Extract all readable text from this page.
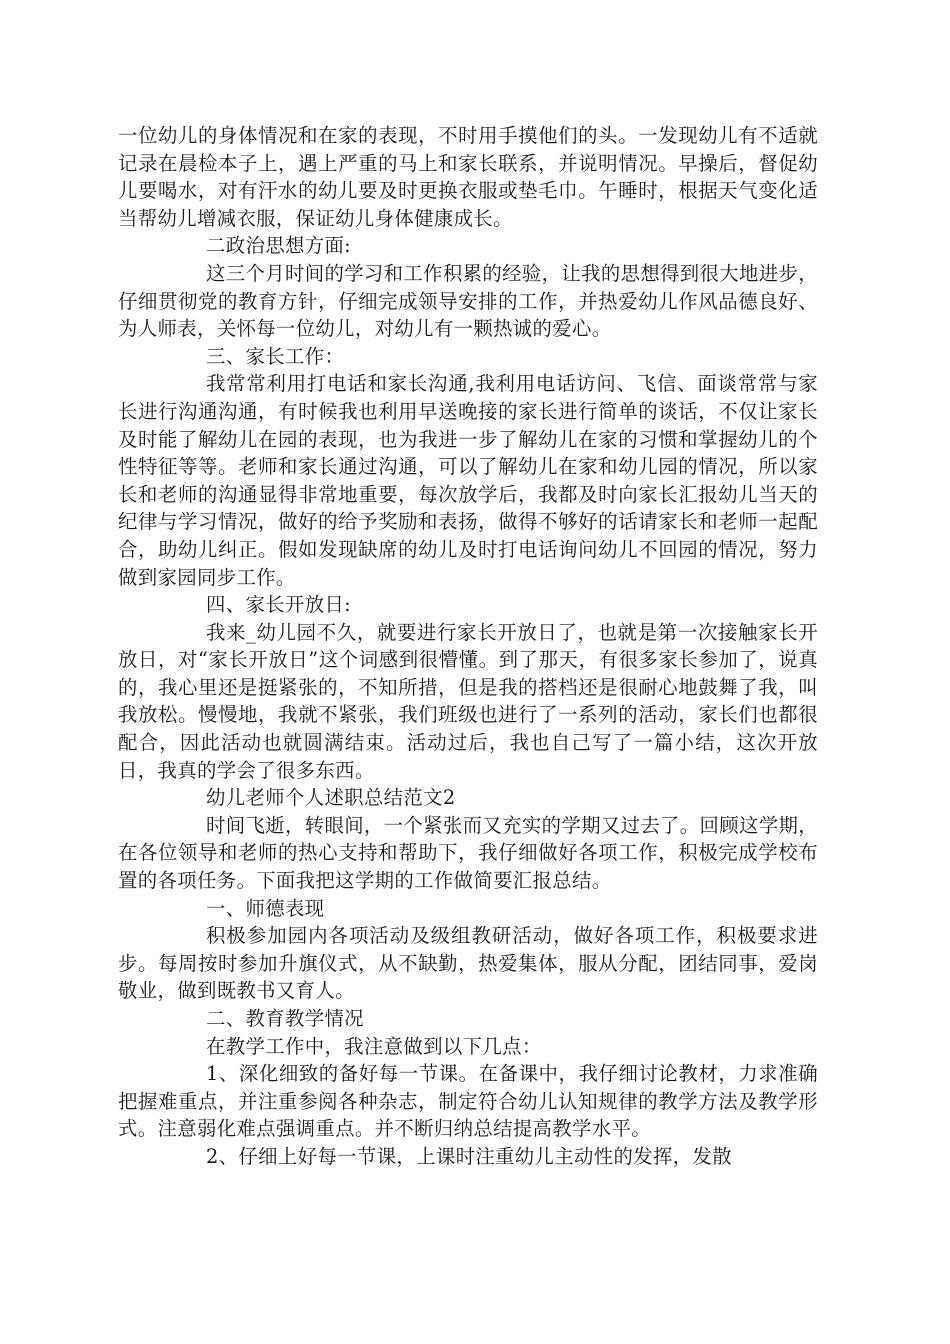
一位幼儿的身体情况和在家的表现，不时用手摸他们的头。一发现幼儿有不适就记录在晨检本子上，遇上严重的马上和家长联系，并说明情况。早操后，督促幼儿要喝水，对有汗水的幼儿要及时更换衣服或垫毛巾。午睡时，根据天气变化适当帮幼儿增减衣服，保证幼儿身体健康成长。

二政治思想方面:

这三个月时间的学习和工作积累的经验，让我的思想得到很大地进步，仔细贯彻党的教育方针，仔细完成领导安排的工作，并热爱幼儿作风品德良好、为人师表，关怀每一位幼儿，对幼儿有一颗热诚的爱心。

三、家长工作：

我常常利用打电话和家长沟通,我利用电话访问、飞信、面谈常常与家长进行沟通沟通，有时候我也利用早送晚接的家长进行简单的谈话，不仅让家长及时能了解幼儿在园的表现，也为我进一步了解幼儿在家的习惯和掌握幼儿的个性特征等等。老师和家长通过沟通，可以了解幼儿在家和幼儿园的情况，所以家长和老师的沟通显得非常地重要，每次放学后，我都及时向家长汇报幼儿当天的纪律与学习情况，做好的给予奖励和表扬，做得不够好的话请家长和老师一起配合，助幼儿纠正。假如发现缺席的幼儿及时打电话询问幼儿不回园的情况，努力做到家园同步工作。

四、家长开放日:

我来_幼儿园不久，就要进行家长开放日了，也就是第一次接触家长开放日，对“家长开放日”这个词感到很懵懂。到了那天，有很多家长参加了，说真的，我心里还是挺紧张的，不知所措，但是我的搭档还是很耐心地鼓舞了我，叫我放松。慢慢地，我就不紧张，我们班级也进行了一系列的活动，家长们也都很配合，因此活动也就圆满结束。活动过后，我也自己写了一篇小结，这次开放日，我真的学会了很多东西。

幼儿老师个人述职总结范文2

时间飞逝，转眼间，一个紧张而又充实的学期又过去了。回顾这学期，在各位领导和老师的热心支持和帮助下，我仔细做好各项工作，积极完成学校布置的各项任务。下面我把这学期的工作做简要汇报总结。

一、师德表现

积极参加园内各项活动及级组教研活动，做好各项工作，积极要求进步。每周按时参加升旗仪式，从不缺勤，热爱集体，服从分配，团结同事，爱岗敬业，做到既教书又育人。

二、教育教学情况

在教学工作中，我注意做到以下几点：

1、深化细致的备好每一节课。在备课中，我仔细讨论教材，力求准确把握难重点，并注重参阅各种杂志，制定符合幼儿认知规律的教学方法及教学形式。注意弱化难点强调重点。并不断归纳总结提高教学水平。

2、仔细上好每一节课，上课时注重幼儿主动性的发挥，发散
